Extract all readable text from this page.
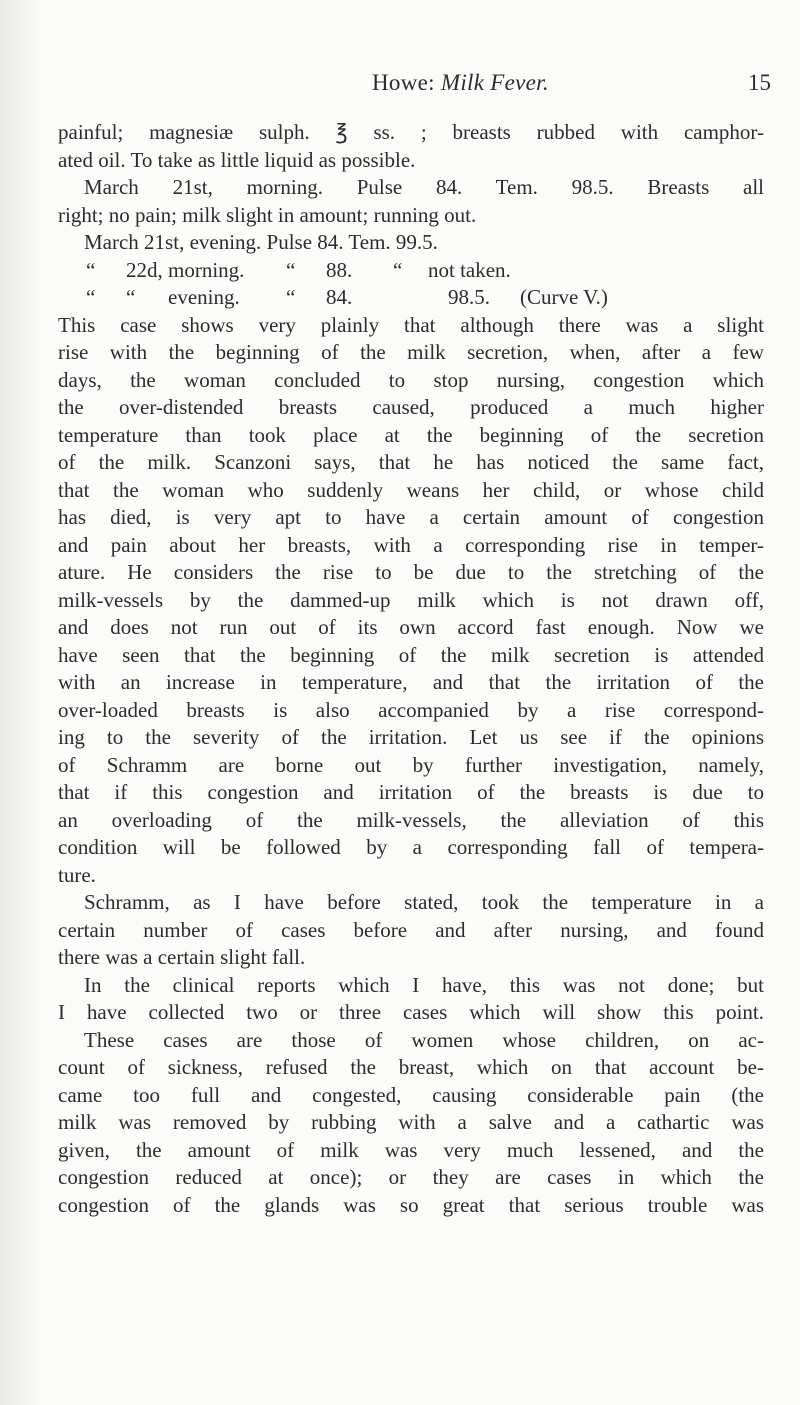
Howe: Milk Fever.	15
painful; magnesiæ sulph. ℥ ss. ; breasts rubbed with camphor-
ated oil. To take as little liquid as possible.
March 21st, morning. Pulse 84. Tem. 98.5. Breasts all
right; no pain; milk slight in amount; running out.
March 21st, evening. Pulse 84. Tem. 99.5.
“ 22d, morning. “ 88. “ not taken.
“ “ evening. “ 84.	98.5. (Curve V.)
This case shows very plainly that although there was a slight
rise with the beginning of the milk secretion, when, after a few
days, the woman concluded to stop nursing, congestion which
the over-distended breasts caused, produced a much higher
temperature than took place at the beginning of the secretion
of the milk. Scanzoni says, that he has noticed the same fact,
that the woman who suddenly weans her child, or whose child
has died, is very apt to have a certain amount of congestion
and pain about her breasts, with a corresponding rise in temper-
ature. He considers the rise to be due to the stretching of the
milk-vessels by the dammed-up milk which is not drawn off,
and does not run out of its own accord fast enough. Now we
have seen that the beginning of the milk secretion is attended
with an increase in temperature, and that the irritation of the
over-loaded breasts is also accompanied by a rise correspond-
ing to the severity of the irritation. Let us see if the opinions
of Schramm are borne out by further investigation, namely,
that if this congestion and irritation of the breasts is due to
an overloading of the milk-vessels, the alleviation of this
condition will be followed by a corresponding fall of tempera-
ture.
Schramm, as I have before stated, took the temperature in a
certain number of cases before and after nursing, and found
there was a certain slight fall.
In the clinical reports which I have, this was not done; but
I have collected two or three cases which will show this point.
These cases are those of women whose children, on ac-
count of sickness, refused the breast, which on that account be-
came too full and congested, causing considerable pain (the
milk was removed by rubbing with a salve and a cathartic was
given, the amount of milk was very much lessened, and the
congestion reduced at once); or they are cases in which the
congestion of the glands was so great that serious trouble was
